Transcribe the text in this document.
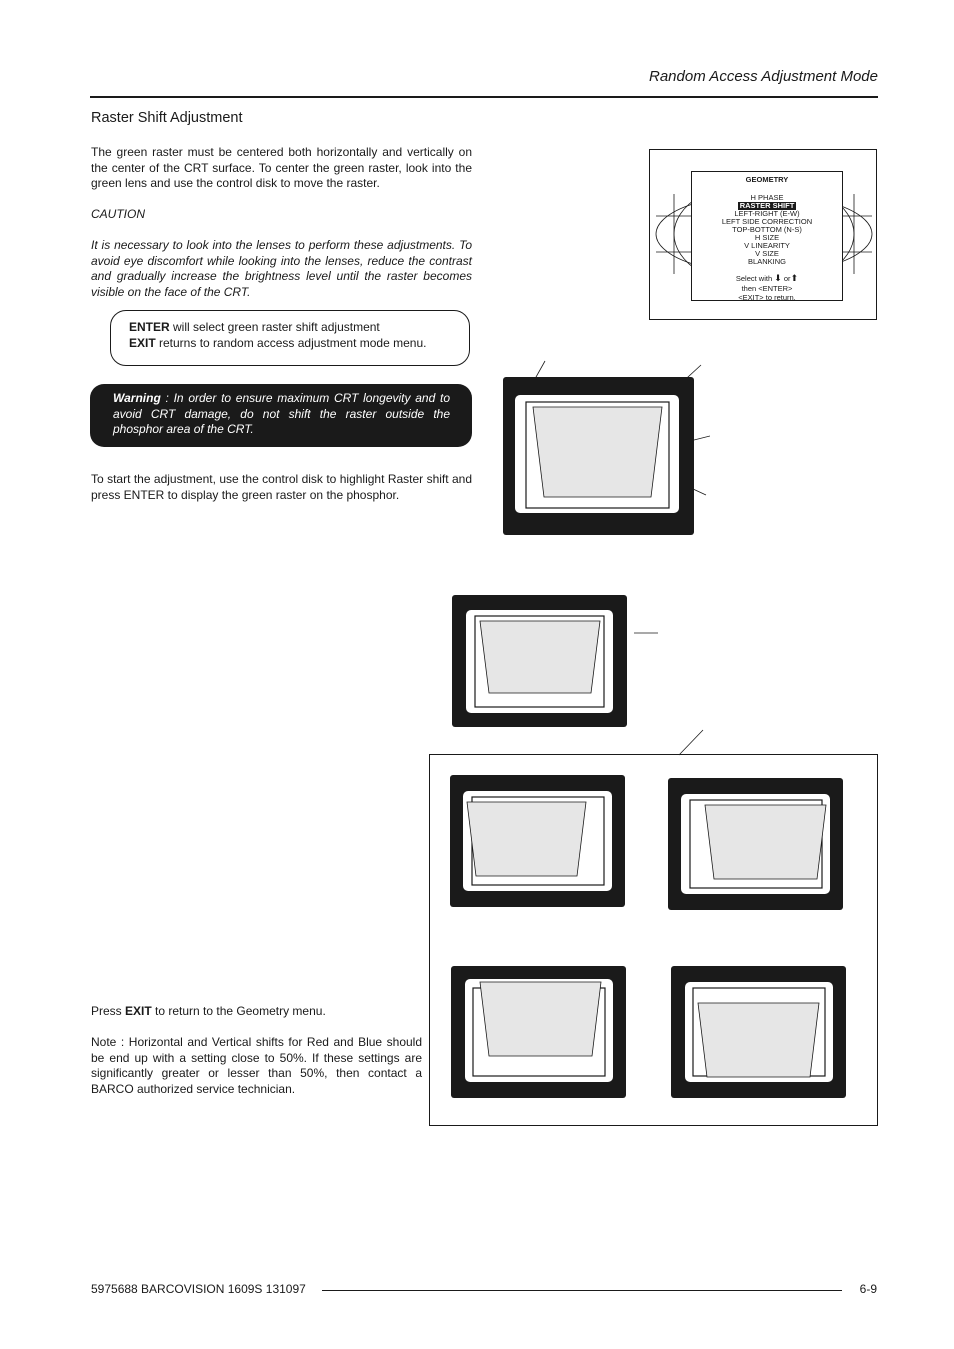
Random Access Adjustment Mode
Raster Shift Adjustment
The green raster must be centered both horizontally and vertically on the center of the CRT surface. To center the green raster, look into the green lens and use the control disk to move the raster.
CAUTION
It is necessary to look into the lenses to perform these adjustments. To avoid eye discomfort while looking into the lenses, reduce the contrast and gradually increase the brightness level until the raster becomes visible on the face of the CRT.
ENTER will select green raster shift adjustment
EXIT returns to random access adjustment mode menu.
Warning : In order to ensure maximum CRT longevity and to avoid CRT damage, do not shift the raster outside the phosphor area of the CRT.
To start the adjustment, use the control disk to highlight Raster shift and press ENTER to display the green raster on the phosphor.
Press EXIT to return to the Geometry menu.
Note : Horizontal and Vertical shifts for Red and Blue should be end up with a setting close to 50%. If these settings are significantly greater or lesser than 50%, then contact a BARCO authorized service technician.
GEOMETRY
H PHASE
RASTER SHIFT
LEFT-RIGHT (E-W)
LEFT SIDE CORRECTION
TOP-BOTTOM (N-S)
H SIZE
V LINEARITY
V SIZE
BLANKING
Select with ⬇ or⬆
then <ENTER>
<EXIT> to return.
5975688 BARCOVISION 1609S 131097	6-9
